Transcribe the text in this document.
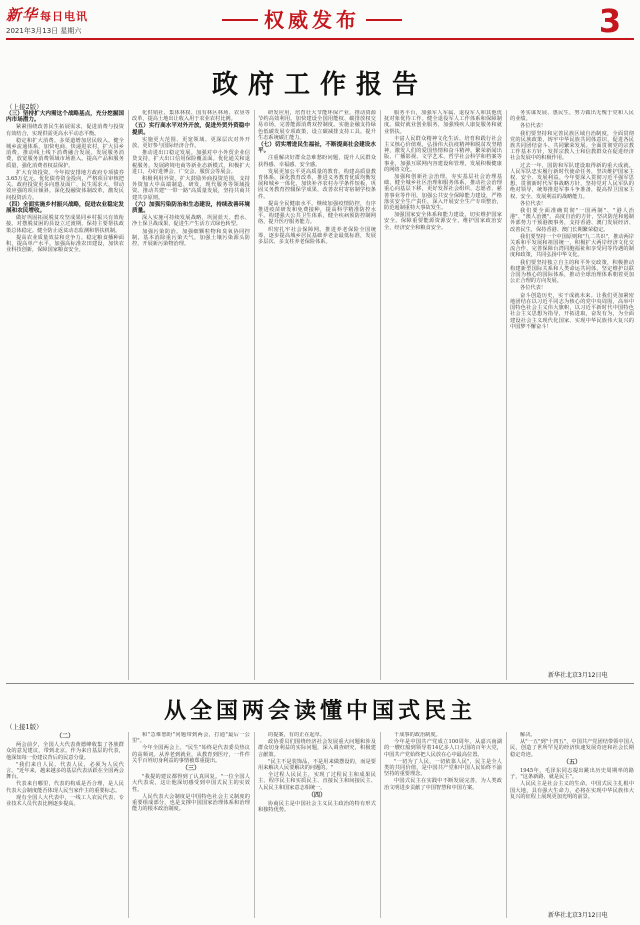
新华 每日电讯
2021年3月13日 星期六	权威发布	3
政府工作报告
（上接2版）
（三）坚持扩大内需这个战略基点，充分挖掘国内市场潜力。

紧紧围绕改善民生拓展需求，促进消费与投资有效结合，实现供需更高水平动态平衡。

稳定和扩大消费。多渠道增加居民收入。健全城乡流通体系，加快电商、快递进农村，扩大县乡消费。推动线上线下消费融合发展。发展服务消费，放宽服务消费领域市场准入。提高产品和服务质量，强化消费者权益保护。

扩大有效投资。今年拟安排地方政府专项债券3.65万亿元。优化债券资金投向，严格项目审核把关。政府投资更多向惠及面广、民生需求大、带动效应强的项目倾斜。深化投融资体制改革，激发民间投资活力。

（四）全面实施乡村振兴战略，促进农业稳定发展和农民增收。

做好巩固拓展脱贫攻坚成果同乡村振兴有效衔接。对摆脱贫困的县设立过渡期，保持主要帮扶政策总体稳定。健全防止返贫动态监测和帮扶机制。

提高农业质量效益和竞争力。稳定粮食播种面积，提高单产水平。加强高标准农田建设，加快农业科技创新，保障国家粮食安全。

化供销社、集体林权、国有林区林场、农垦等改革，提高土地出让收入用于农业农村比例。

（五）实行高水平对外开放，促进外贸外资稳中提质。

实施更大范围、更宽领域、更深层次对外开放，更好参与国际经济合作。

推动进出口稳定发展。加强对中小外贸企业信贷支持，扩大出口信用保险覆盖面。优化通关和退税服务。发展跨境电商等新业态新模式，积极扩大进口，办好进博会、广交会、服贸会等展会。

积极利用外资。扩大鼓励外商投资范围，支持外资加大中高端制造、研发、现代服务等领域投资。推动共建"一带一路"高质量发展，坚持共商共建共享原则。

（六）加强污染防治和生态建设，持续改善环境质量。

深入实施可持续发展战略，巩固蓝天、碧水、净土保卫战成果，促进生产生活方式绿色转型。

加强污染防治。加强细颗粒物和臭氧协同控制，基本消除重污染天气。加强土壤污染源头防控，开展新污染物治理。

研发应用，培育壮大节能环保产业，推动资源节约高效利用。加快建设全国用能权、碳排放权交易市场，完善能源消费双控制度。实施金融支持绿色低碳发展专项政策，设立碳减排支持工具。提升生态系统碳汇能力。

（七）切实增进民生福祉，不断提高社会建设水平。

注重解决好群众急难愁盼问题，提升人民群众获得感、幸福感、安全感。

发展更加公平更高质量的教育。构建高质量教育体系，深化教育改革，推进义务教育优质均衡发展和城乡一体化，加快补齐农村办学条件短板，巩固义务教育控辍保学成果，改善农村寄宿制学校条件。

提高全民健康水平。继续加强疫情防控，有序推进疫苗研发和免费接种，提高科学精准防控水平。构建强大公共卫生体系，健全疾病预防控制网络，提升医疗服务能力。

织密扎牢社会保障网。推进养老保险全国统筹，逐步提高城乡居民基础养老金最低标准，发展多层次、多支柱养老保险体系。

服务平台，加强军人军属、退役军人和其他优抚对象优待工作。健全退役军人工作体系和保障制度。做好就业创业服务，加强残疾人康复服务和就业帮扶。

丰富人民群众精神文化生活。培育和践行社会主义核心价值观，弘扬伟大抗疫精神和脱贫攻坚精神，激发人们的爱国热情和奋斗精神。繁荣新闻出版、广播影视、文学艺术、哲学社会科学和档案等事业，加强互联网内容建设和管理，发展积极健康的网络文化。

加强和创新社会治理。夯实基层社会治理基础，健全城乡社区治理和服务体系，推动社会治理重心向基层下移，更好发挥社会组织、志愿者、慈善事业等作用。加强公共安全保障能力建设，严格落实安全生产责任，深入开展安全生产专项整治，防范遏制重特大事故发生。

加强国家安全体系和能力建设，切实维护国家安全。保障重要能源资源安全，维护国家政治安全、经济安全和粮食安全。

务实谋发展、惠民生，努力做出无愧于党和人民的业绩。

各位代表！

我们要坚持和完善民族区域自治制度，全面贯彻党的民族政策，铸牢中华民族共同体意识，促进各民族共同团结奋斗、共同繁荣发展。全面贯彻党的宗教工作基本方针，发挥宗教人士和信教群众在促进经济社会发展中的积极作用。

过去一年，国防和军队建设取得新的重大成就。人民军队忠实履行新时代使命任务，坚决维护国家主权、安全、发展利益。今年要深入贯彻习近平强军思想，贯彻新时代军事战略方针，坚持党对人民军队的绝对领导，统筹推进军事斗争准备，提高捍卫国家主权、安全、发展利益的战略能力。

各位代表！

我们要全面准确贯彻"一国两制"、"港人治港"、"澳人治澳"、高度自治的方针，坚决防范和遏制外部势力干预港澳事务，支持香港、澳门发展经济、改善民生，保持香港、澳门长期繁荣稳定。

我们要坚持一个中国原则和"九二共识"，推动两岸关系和平发展和祖国统一，积极扩大两岸经济文化交流合作，完善保障台湾同胞福祉和享受同等待遇的制度和政策，共同弘扬中华文化。

我们要坚持独立自主的和平外交政策，积极推动构建新型国际关系和人类命运共同体，坚定维护以联合国为核心的国际体系，推动全球治理体系朝着更加公正合理的方向发展。

各位代表！

奋斗创造历史，实干成就未来。让我们更加紧密地团结在以习近平同志为核心的党中央周围，高举中国特色社会主义伟大旗帜，以习近平新时代中国特色社会主义思想为指导，开拓进取，奋发有为，为全面建设社会主义现代化国家、实现中华民族伟大复兴的中国梦不懈奋斗！

新华社北京3月12日电
从全国两会读懂中国式民主
（上接1版）

（二）

两会前夕，全国人大代表黄德峰收集了各族群众的意见建议，带到北京。作为来自基层的代表，他深知每一份建议背后的民意分量。

"我们来自人民、代表人民，必须为人民代言。"近年来，越来越多的基层代表活跃在全国两会舞台。

代表来自哪里，代表的构成是否合理，是人民代表大会制度能否体现人民当家作主的重要标志。

现有全国人大代表中，一线工人农民代表、专业技术人员代表比例逐步提高。

和"急难愁盼"问题带到两会，打通"最后一公里"。

今年全国两会上，"民生"始终是代表委员热议的高频词。从养老到就业，从教育到医疗，一件件关乎百姓切身利益的事情被郑重提出。

（三）

"我提的建议都得到了认真回复。"一位全国人大代表说，这让他深切感受到中国式民主的实效性。

人民代表大会制度是中国特色社会主义制度的重要组成部分，也是支撑中国国家治理体系和治理能力的根本政治制度。

的提案，有的正在起草。

政协委员们围绕经济社会发展重大问题和涉及群众切身利益的实际问题，深入调查研究，积极建言献策。

"民主不是装饰品，不是用来做摆设的，而是要用来解决人民要解决的问题的。"

全过程人民民主，实现了过程民主和成果民主、程序民主和实质民主、直接民主和间接民主、人民民主和国家意志相统一。

（四）

协商民主是中国社会主义民主政治的特有形式和独特优势。

千成事的政治制度。

今年是中国共产党成立100周年。从嘉兴南湖的一艘红船到领导着14亿多人口大国的百年大党，中国共产党始终把人民放在心中最高位置。

"一切为了人民、一切依靠人民"，民主是全人类的共同价值，是中国共产党和中国人民始终不渝坚持的重要理念。

中国式民主在实践中不断发展完善，为人类政治文明进步贡献了中国智慧和中国方案。

解决。

从"一五"到"十四五"，中国共产党团结带领中国人民，创造了世所罕见的经济快速发展奇迹和社会长期稳定奇迹。

（五）

1945年，毛泽东同志提出跳出历史周期率的路子，"这条新路，就是民主"。

人民民主是社会主义的生命。中国式民主扎根中国大地，具有强大生命力，必将在实现中华民族伟大复兴的征程上展现更加光明的前景。

新华社北京3月12日电
